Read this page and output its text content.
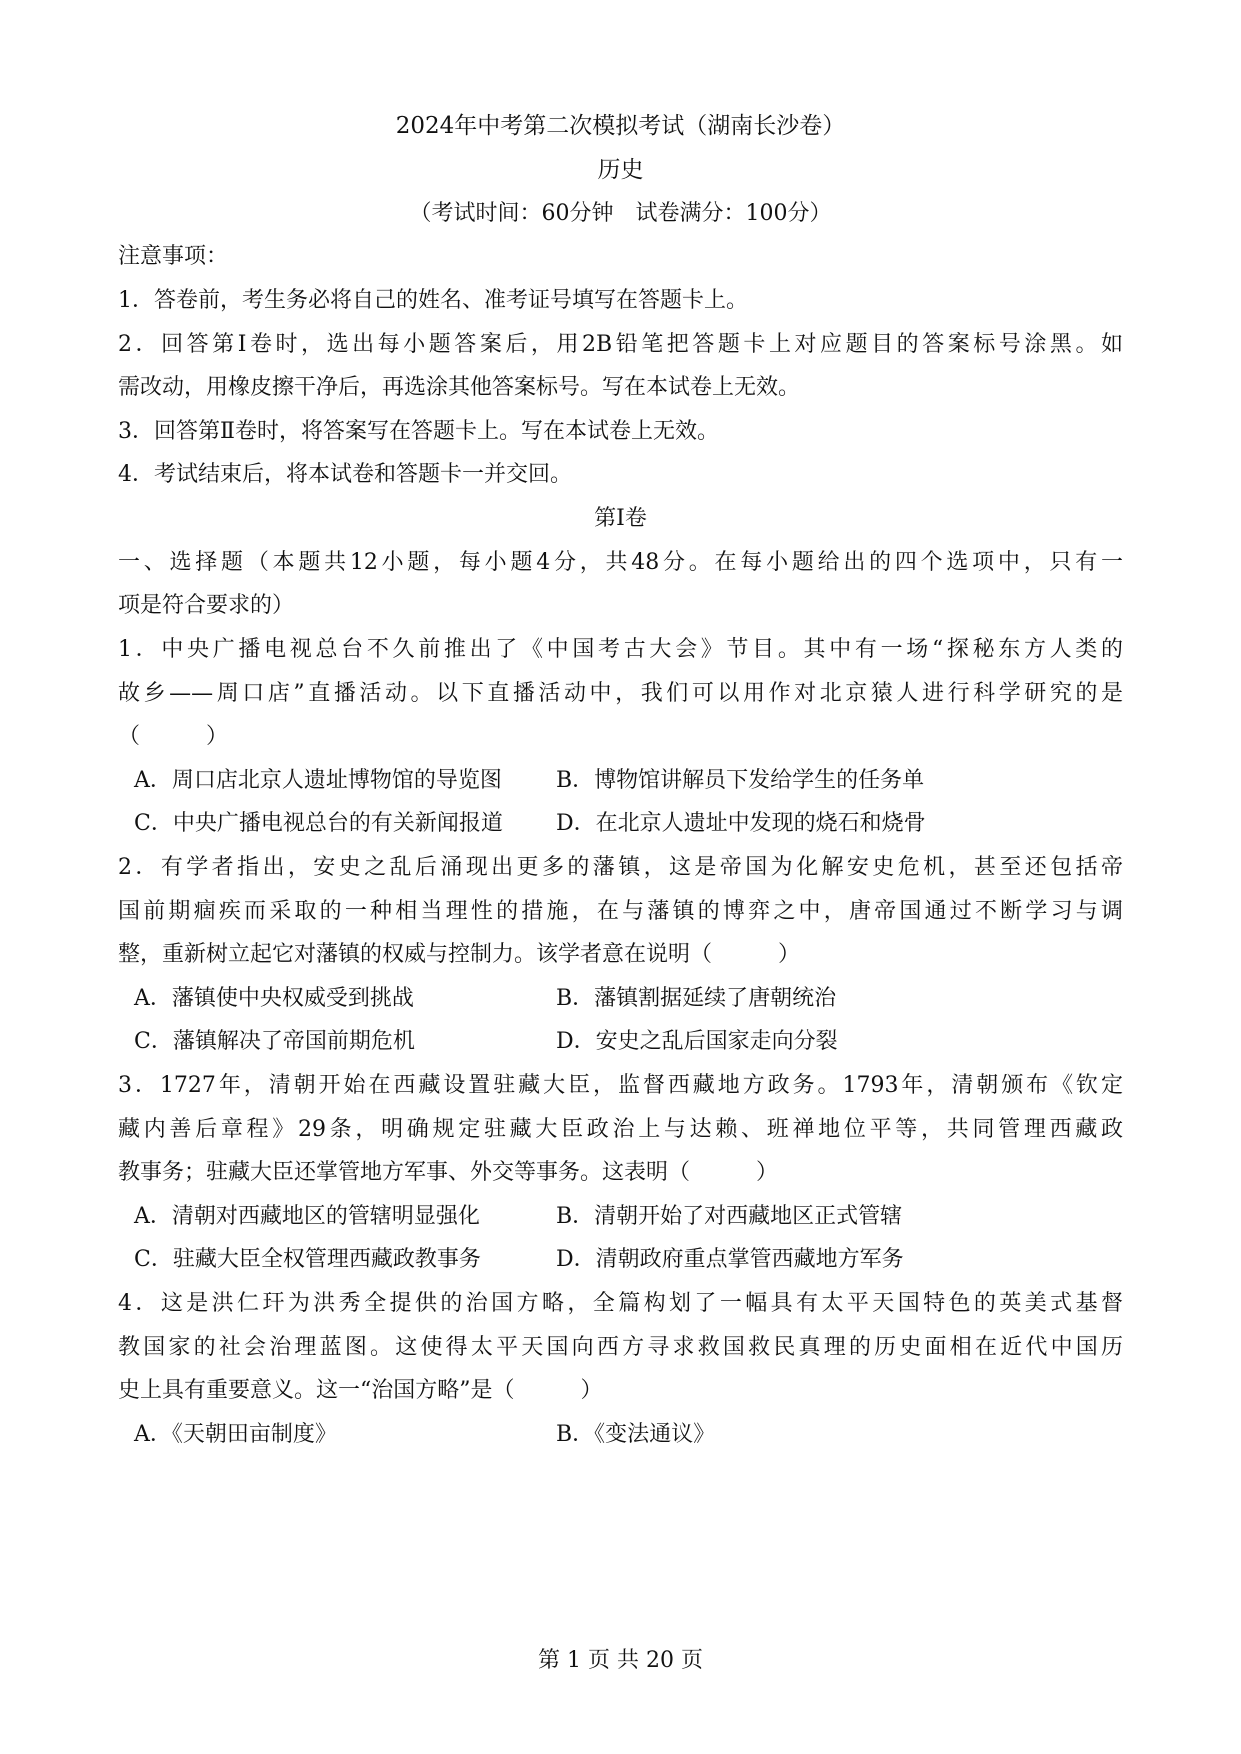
2024年中考第二次模拟考试（湖南长沙卷）
历史
（考试时间：60分钟　试卷满分：100分）
注意事项：
1．答卷前，考生务必将自己的姓名、准考证号填写在答题卡上。
2．回答第Ⅰ卷时，选出每小题答案后，用2B铅笔把答题卡上对应题目的答案标号涂黑。如
需改动，用橡皮擦干净后，再选涂其他答案标号。写在本试卷上无效。
3．回答第Ⅱ卷时，将答案写在答题卡上。写在本试卷上无效。
4．考试结束后，将本试卷和答题卡一并交回。
第Ⅰ卷
一、选择题（本题共12小题，每小题4分，共48分。在每小题给出的四个选项中，只有一
项是符合要求的）
1．中央广播电视总台不久前推出了《中国考古大会》节目。其中有一场“探秘东方人类的
故乡——周口店”直播活动。以下直播活动中，我们可以用作对北京猿人进行科学研究的是
（　　　）
A．周口店北京人遗址博物馆的导览图 B．博物馆讲解员下发给学生的任务单
C．中央广播电视总台的有关新闻报道 D．在北京人遗址中发现的烧石和烧骨
2．有学者指出，安史之乱后涌现出更多的藩镇，这是帝国为化解安史危机，甚至还包括帝
国前期痼疾而采取的一种相当理性的措施，在与藩镇的博弈之中，唐帝国通过不断学习与调
整，重新树立起它对藩镇的权威与控制力。该学者意在说明（　　　）
A．藩镇使中央权威受到挑战	B．藩镇割据延续了唐朝统治
C．藩镇解决了帝国前期危机	D．安史之乱后国家走向分裂
3．1727年，清朝开始在西藏设置驻藏大臣，监督西藏地方政务。1793年，清朝颁布《钦定
藏内善后章程》29条，明确规定驻藏大臣政治上与达赖、班禅地位平等，共同管理西藏政
教事务；驻藏大臣还掌管地方军事、外交等事务。这表明（　　　）
A．清朝对西藏地区的管辖明显强化	B．清朝开始了对西藏地区正式管辖
C．驻藏大臣全权管理西藏政教事务	D．清朝政府重点掌管西藏地方军务
4．这是洪仁玕为洪秀全提供的治国方略，全篇构划了一幅具有太平天国特色的英美式基督
教国家的社会治理蓝图。这使得太平天国向西方寻求救国救民真理的历史面相在近代中国历
史上具有重要意义。这一“治国方略”是（　　　）
A．《天朝田亩制度》	B．《变法通议》
第 1 页 共 20 页
